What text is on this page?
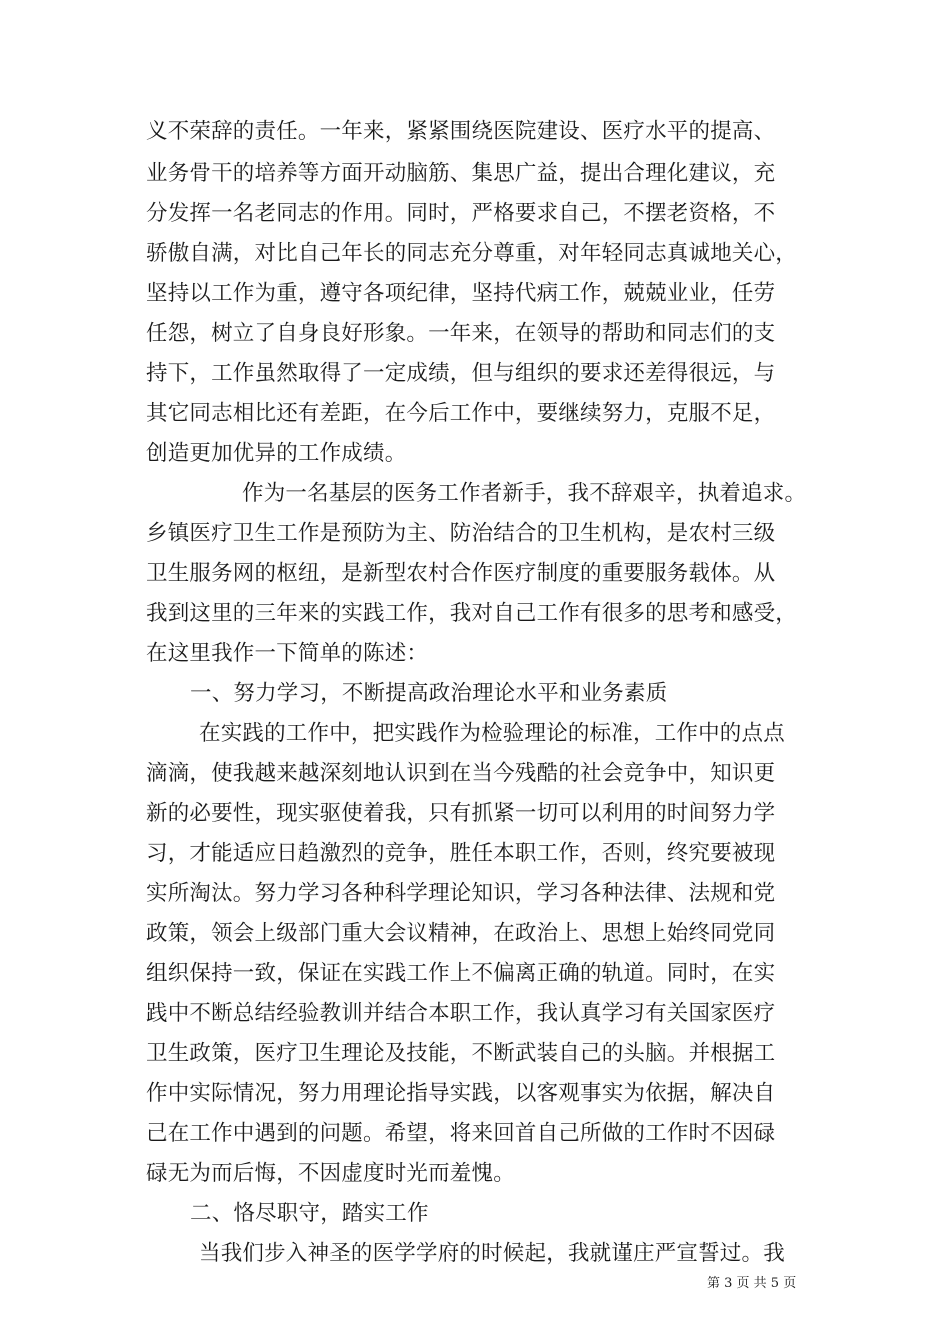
义不荣辞的责任。一年来，紧紧围绕医院建设、医疗水平的提高、
业务骨干的培养等方面开动脑筋、集思广益，提出合理化建议，充
分发挥一名老同志的作用。同时，严格要求自己，不摆老资格，不
骄傲自满，对比自己年长的同志充分尊重，对年轻同志真诚地关心，
坚持以工作为重，遵守各项纪律，坚持代病工作，兢兢业业，任劳
任怨，树立了自身良好形象。一年来，在领导的帮助和同志们的支
持下，工作虽然取得了一定成绩，但与组织的要求还差得很远，与
其它同志相比还有差距，在今后工作中，要继续努力，克服不足，
创造更加优异的工作成绩。
作为一名基层的医务工作者新手，我不辞艰辛，执着追求。
乡镇医疗卫生工作是预防为主、防治结合的卫生机构，是农村三级
卫生服务网的枢纽，是新型农村合作医疗制度的重要服务载体。从
我到这里的三年来的实践工作，我对自己工作有很多的思考和感受，
在这里我作一下简单的陈述：
一、努力学习，不断提高政治理论水平和业务素质
在实践的工作中，把实践作为检验理论的标准，工作中的点点
滴滴，使我越来越深刻地认识到在当今残酷的社会竞争中，知识更
新的必要性，现实驱使着我，只有抓紧一切可以利用的时间努力学
习，才能适应日趋激烈的竞争，胜任本职工作，否则，终究要被现
实所淘汰。努力学习各种科学理论知识，学习各种法律、法规和党
政策，领会上级部门重大会议精神，在政治上、思想上始终同党同
组织保持一致，保证在实践工作上不偏离正确的轨道。同时，在实
践中不断总结经验教训并结合本职工作，我认真学习有关国家医疗
卫生政策，医疗卫生理论及技能，不断武装自己的头脑。并根据工
作中实际情况，努力用理论指导实践，以客观事实为依据，解决自
己在工作中遇到的问题。希望，将来回首自己所做的工作时不因碌
碌无为而后悔，不因虚度时光而羞愧。
二、恪尽职守，踏实工作
当我们步入神圣的医学学府的时候起，我就谨庄严宣誓过。我
第 3 页 共 5 页
